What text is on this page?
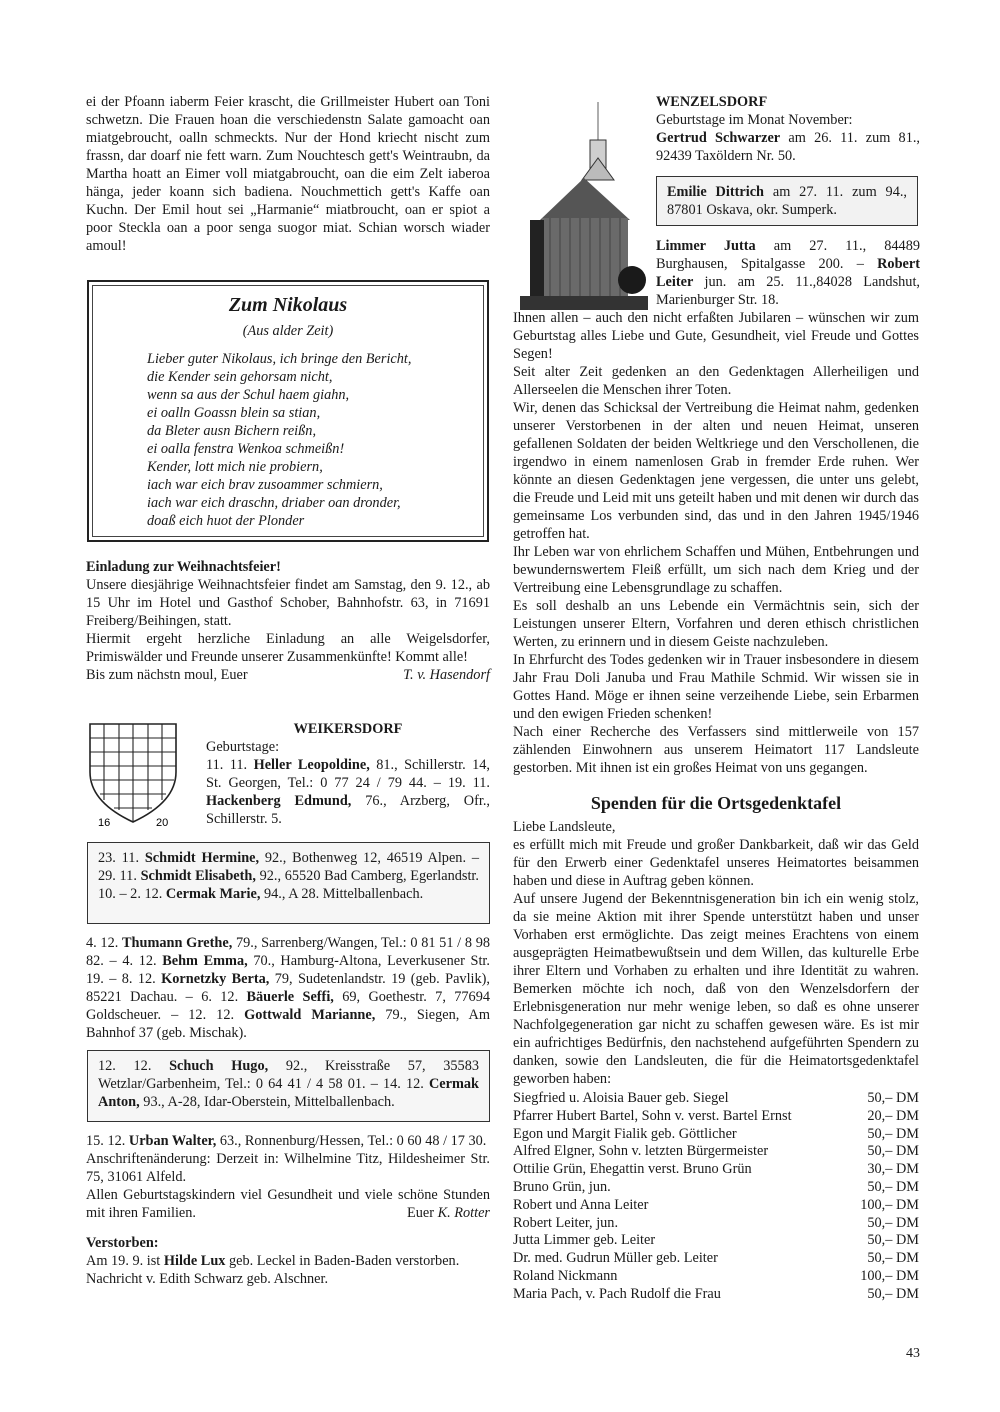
ei der Pfoann iaberm Feier krascht, die Grillmeister Hubert oan Toni schwetzn. Die Frauen hoan die verschiedenstn Salate gamoacht oan miatgebroucht, oalln schmeckts. Nur der Hond kriecht nischt zum frassn, dar doarf nie fett warn. Zum Nouchtesch gett's Weintraubn, da Martha hoatt an Eimer voll miatgabroucht, oan die eim Zelt iaberoa hänga, jeder koann sich badiena. Nouchmettich gett's Kaffe oan Kuchn. Der Emil hout sei „Harmanie“ miatbroucht, oan er spiot a poor Steckla oan a poor senga suogor miat. Schian worsch wiader amoul!

Zum Nikolaus
(Aus alder Zeit)
Lieber guter Nikolaus, ich bringe den Bericht,
die Kender sein gehorsam nicht,
wenn sa aus der Schul haem giahn,
ei oalln Goassn blein sa stian,
da Bleter ausn Bichern reißn,
ei oalla fenstra Wenkoa schmeißn!
Kender, lott mich nie probiern,
iach war eich brav zusoammer schmiern,
iach war eich draschn, driaber oan dronder,
doaß eich huot der Plonder
Einladung zur Weihnachtsfeier!

Unsere diesjährige Weihnachtsfeier findet am Samstag, den 9. 12., ab 15 Uhr im Hotel und Gasthof Schober, Bahnhofstr. 63, in 71691 Freiberg/Beihingen, statt.

Hiermit ergeht herzliche Einladung an alle Weigelsdorfer, Primiswälder und Freunde unserer Zusammenkünfte! Kommt alle!

Bis zum nächstn moul, Euer	T. v. Hasendorf

16	20
WEIKERSDORF
Geburtstage:

11. 11. Heller Leopoldine, 81., Schillerstr. 14, St. Georgen, Tel.: 0 77 24 / 79 44. – 19. 11. Hackenberg Edmund, 76., Arzberg, Ofr., Schillerstr. 5.

23. 11. Schmidt Hermine, 92., Bothenweg 12, 46519 Alpen. – 29. 11. Schmidt Elisabeth, 92., 65520 Bad Camberg, Egerlandstr. 10. – 2. 12. Cermak Marie, 94., A 28. Mittelballenbach.

4. 12. Thumann Grethe, 79., Sarrenberg/Wangen, Tel.: 0 81 51 / 8 98 82. – 4. 12. Behm Emma, 70., Hamburg-Altona, Leverkusener Str. 19. – 8. 12. Kornetzky Berta, 79, Sudetenlandstr. 19 (geb. Pavlik), 85221 Dachau. – 6. 12. Bäuerle Seffi, 69, Goethestr. 7, 77694 Goldscheuer. – 12. 12. Gottwald Marianne, 79., Siegen, Am Bahnhof 37 (geb. Mischak).

12. 12. Schuch Hugo, 92., Kreisstraße 57, 35583 Wetzlar/Garbenheim, Tel.: 0 64 41 / 4 58 01. – 14. 12. Cermak Anton, 93., A-28, Idar-Oberstein, Mittelballenbach.

15. 12. Urban Walter, 63., Ronnenburg/Hessen, Tel.: 0 60 48 / 17 30.

Anschriftenänderung: Derzeit in: Wilhelmine Titz, Hildesheimer Str. 75, 31061 Alfeld.

Allen Geburtstagskindern viel Gesundheit und viele schöne Stunden mit ihren Familien.	Euer K. Rotter

Verstorben:

Am 19. 9. ist Hilde Lux geb. Leckel in Baden-Baden verstorben.

Nachricht v. Edith Schwarz geb. Alschner.

WENZELSDORF
Geburtstage im Monat November:

Gertrud Schwarzer am 26. 11. zum 81., 92439 Taxöldern Nr. 50.

Emilie Dittrich am 27. 11. zum 94., 87801 Oskava, okr. Sumperk.

Limmer Jutta am 27. 11., 84489 Burghausen, Spitalgasse 200. – Robert Leiter jun. am 25. 11.,84028 Landshut, Marienburger Str. 18.

Ihnen allen – auch den nicht erfaßten Jubilaren – wünschen wir zum Geburtstag alles Liebe und Gute, Gesundheit, viel Freude und Gottes Segen!

Seit alter Zeit gedenken an den Gedenktagen Allerheiligen und Allerseelen die Menschen ihrer Toten.

Wir, denen das Schicksal der Vertreibung die Heimat nahm, gedenken unserer Verstorbenen in der alten und neuen Heimat, unseren gefallenen Soldaten der beiden Weltkriege und den Verschollenen, die irgendwo in einem namenlosen Grab in fremder Erde ruhen. Wer könnte an diesen Gedenktagen jene vergessen, die unter uns gelebt, die Freude und Leid mit uns geteilt haben und mit denen wir durch das gemeinsame Los verbunden sind, das und in den Jahren 1945/1946 getroffen hat.

Ihr Leben war von ehrlichem Schaffen und Mühen, Entbehrungen und bewundernswertem Fleiß erfüllt, um sich nach dem Krieg und der Vertreibung eine Lebensgrundlage zu schaffen.

Es soll deshalb an uns Lebende ein Vermächtnis sein, sich der Leistungen unserer Eltern, Vorfahren und deren ethisch christlichen Werten, zu erinnern und in diesem Geiste nachzuleben.

In Ehrfurcht des Todes gedenken wir in Trauer insbesondere in diesem Jahr Frau Doli Januba und Frau Mathile Schmid. Wir wissen sie in Gottes Hand. Möge er ihnen seine verzeihende Liebe, sein Erbarmen und den ewigen Frieden schenken!

Nach einer Recherche des Verfassers sind mittlerweile von 157 zählenden Einwohnern aus unserem Heimatort 117 Landsleute gestorben. Mit ihnen ist ein großes Heimat von uns gegangen.

Spenden für die Ortsgedenktafel

Liebe Landsleute,

es erfüllt mich mit Freude und großer Dankbarkeit, daß wir das Geld für den Erwerb einer Gedenktafel unseres Heimatortes beisammen haben und diese in Auftrag geben können.

Auf unsere Jugend der Bekenntnisgeneration bin ich ein wenig stolz, da sie meine Aktion mit ihrer Spende unterstützt haben und unser Vorhaben erst ermöglichte. Das zeigt meines Erachtens von einem ausgeprägten Heimatbewußtsein und dem Willen, das kulturelle Erbe ihrer Eltern und Vorhaben zu erhalten und ihre Identität zu wahren. Bemerken möchte ich noch, daß von den Wenzelsdorfern der Erlebnisgeneration nur mehr wenige leben, so daß es ohne unserer Nachfolgegeneration gar nicht zu schaffen gewesen wäre. Es ist mir ein aufrichtiges Bedürfnis, den nachstehend aufgeführten Spendern zu danken, sowie den Landsleuten, die für die Heimatortsgedenktafel geworben haben:

Siegfried u. Aloisia Bauer geb. Siegel	50,– DM
Pfarrer Hubert Bartel, Sohn v. verst. Bartel Ernst	20,– DM
Egon und Margit Fialik geb. Göttlicher	50,– DM
Alfred Elgner, Sohn v. letzten Bürgermeister	50,– DM
Ottilie Grün, Ehegattin verst. Bruno Grün	30,– DM
Bruno Grün, jun.	50,– DM
Robert und Anna Leiter	100,– DM
Robert Leiter, jun.	50,– DM
Jutta Limmer geb. Leiter	50,– DM
Dr. med. Gudrun Müller geb. Leiter	50,– DM
Roland Nickmann	100,– DM
Maria Pach, v. Pach Rudolf die Frau	50,– DM
43
